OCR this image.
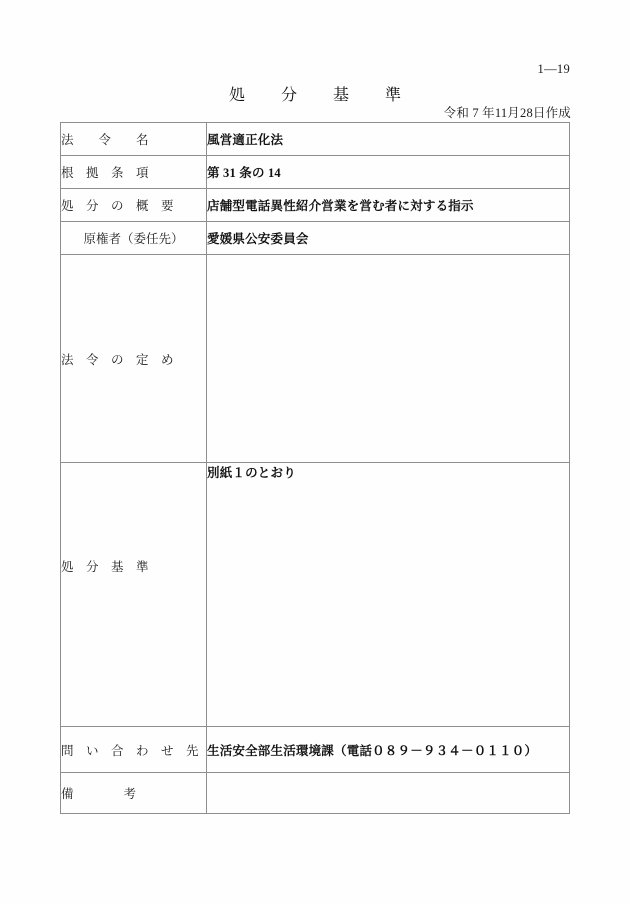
1—19
処　分　基　準
令和 7 年11月28日作成
法　　令　　名	風営適正化法

根　拠　条　項	第 31 条の 14

処　分　の　概　要	店舗型電話異性紹介営業を営む者に対する指示

原権者（委任先）	愛媛県公安委員会

法　令　の　定　め	

処　分　基　準	別紙１のとおり

問　い　合　わ　せ　先	生活安全部生活環境課（電話０８９－９３４－０１１０）

備　　　　考	
